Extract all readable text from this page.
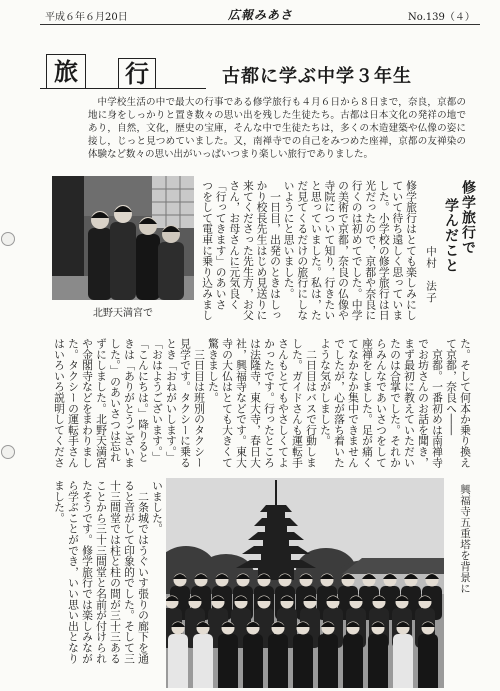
平成６年６月20日	広報みあさ	No.139（４）
旅	行	古都に学ぶ中学３年生
中学校生活の中で最大の行事である修学旅行も４月６日から８日まで，奈良，京都の地に身をしっかりと置き数々の思い出を残した生徒たち。古都は日本文化の発祥の地であり，自然，文化，歴史の宝庫，そんな中で生徒たちは，多くの木造建築や仏像の姿に接し，じっと見つめていました。又，南禅寺での自己をみつめた座禅，京都の友禅染の体験など数々の思い出がいっぱいつまり楽しい旅行でありました。
北野天満宮で
修学旅行で
学んだこと
中村　法子
修学旅行はとても楽しみにし
ていて待ち遠しく思っていま
した。小学校の修学旅行は日
光だったので，京都や奈良に
行くのは初めてでした。中学
の美術で京都，奈良の仏像や
寺院について知り，行きたい
と思っていました。私は，た
だ見てくるだけの旅行にしな
いようにと思いました。
　一日目，出発のときはしっ
かり校長先生はじめ見送りに
来てくださった先生方，お父
さん，お母さんに元気良く
「行ってきます」のあいさ
つをして電車に乗り込みまし
た。そして何本か乗り換え
て京都，奈良へ――
　京都。一番初めは南禅寺
でお坊さんのお話を聞き，
まず最初に教えていただい
たのは合掌でした。それか
らみんなであいさつをして
座禅をしました。足が痛く
てなかなか集中できません
でしたが，心が落ち着いた
ような気がしました。
　二日目はバスで行動しま
した。ガイドさんも運転手
さんもとてもやさしくてよ
かったです。行ったところ
は法隆寺，東大寺，春日大
社，興福寺などです。東大
寺の大仏はとても大きくて
驚きました。
　三日目は班別のタクシー
見学です。タクシーに乗る
とき「おねがいします。」
「おはようございます。」
「こんにちは。」降りると
きは「ありがとうございま
した。」のあいさつは忘れ
ずにしました。北野天満宮
や金閣寺などをまわりまし
た。タクシーの運転手さん
はいろいろ説明してくださ
いました。
　二条城ではうぐいす張りの廊下を通
ると音がして印象的でした。そして三
十三間堂では柱と柱の間が三十三ある
ことから三十三間堂と名前が付けられ
たそうです。修学旅行では楽しみなが
ら学ぶことができ，いい思い出となり
ました。	興福寺五重塔を背景に
